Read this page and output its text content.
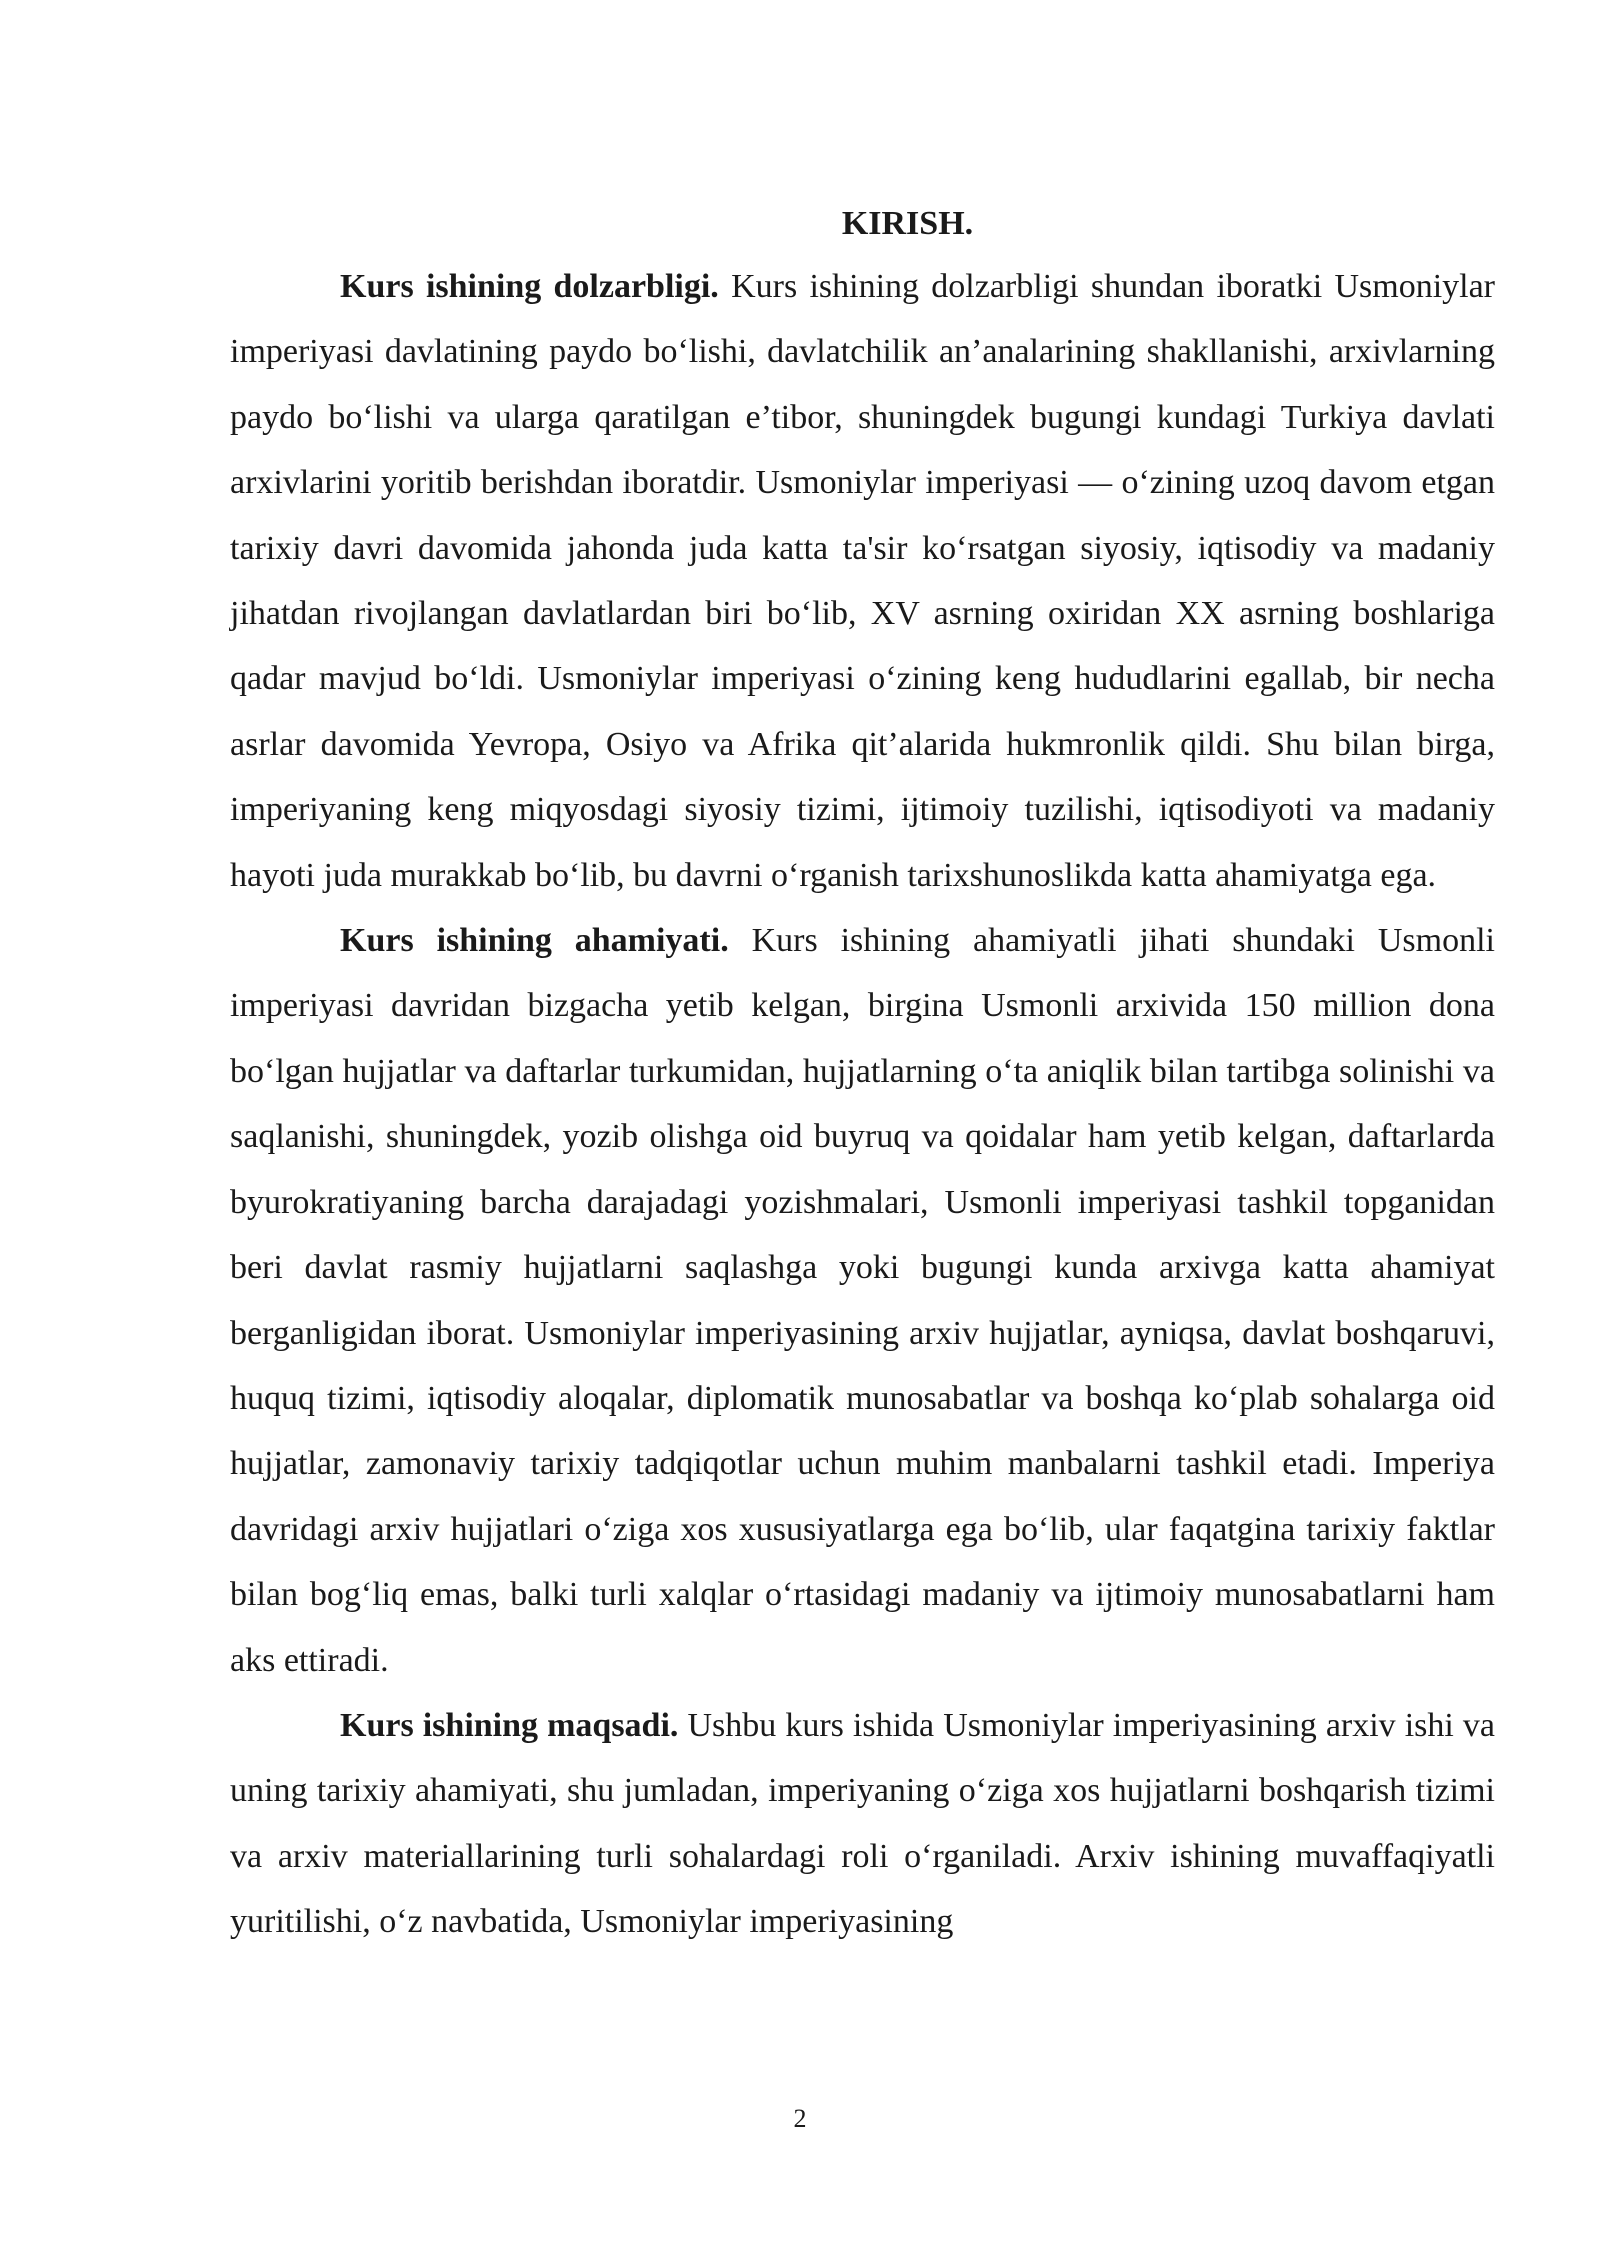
KIRISH.

Kurs ishining dolzarbligi. Kurs ishining dolzarbligi shundan iboratki Usmoniylar imperiyasi davlatining paydo bo‘lishi, davlatchilik an’analarining shakllanishi, arxivlarning paydo bo‘lishi va ularga qaratilgan e’tibor, shuningdek bugungi kundagi Turkiya davlati arxivlarini yoritib berishdan iboratdir. Usmoniylar imperiyasi — o‘zining uzoq davom etgan tarixiy davri davomida jahonda juda katta ta'sir ko‘rsatgan siyosiy, iqtisodiy va madaniy jihatdan rivojlangan davlatlardan biri bo‘lib, XV asrning oxiridan XX asrning boshlariga qadar mavjud bo‘ldi. Usmoniylar imperiyasi o‘zining keng hududlarini egallab, bir necha asrlar davomida Yevropa, Osiyo va Afrika qit’alarida hukmronlik qildi. Shu bilan birga, imperiyaning keng miqyosdagi siyosiy tizimi, ijtimoiy tuzilishi, iqtisodiyoti va madaniy hayoti juda murakkab bo‘lib, bu davrni o‘rganish tarixshunoslikda katta ahamiyatga ega.

Kurs ishining ahamiyati. Kurs ishining ahamiyatli jihati shundaki Usmonli imperiyasi davridan bizgacha yetib kelgan, birgina Usmonli arxivida 150 million dona bo‘lgan hujjatlar va daftarlar turkumidan, hujjatlarning o‘ta aniqlik bilan tartibga solinishi va saqlanishi, shuningdek, yozib olishga oid buyruq va qoidalar ham yetib kelgan, daftarlarda byurokratiyaning barcha darajadagi yozishmalari, Usmonli imperiyasi tashkil topganidan beri davlat rasmiy hujjatlarni saqlashga yoki bugungi kunda arxivga katta ahamiyat berganligidan iborat. Usmoniylar imperiyasining arxiv hujjatlar, ayniqsa, davlat boshqaruvi, huquq tizimi, iqtisodiy aloqalar, diplomatik munosabatlar va boshqa ko‘plab sohalarga oid hujjatlar, zamonaviy tarixiy tadqiqotlar uchun muhim manbalarni tashkil etadi. Imperiya davridagi arxiv hujjatlari o‘ziga xos xususiyatlarga ega bo‘lib, ular faqatgina tarixiy faktlar bilan bog‘liq emas, balki turli xalqlar o‘rtasidagi madaniy va ijtimoiy munosabatlarni ham aks ettiradi.

Kurs ishining maqsadi. Ushbu kurs ishida Usmoniylar imperiyasining arxiv ishi va uning tarixiy ahamiyati, shu jumladan, imperiyaning o‘ziga xos hujjatlarni boshqarish tizimi va arxiv materiallarining turli sohalardagi roli o‘rganiladi. Arxiv ishining muvaffaqiyatli yuritilishi, o‘z navbatida, Usmoniylar imperiyasining

2
